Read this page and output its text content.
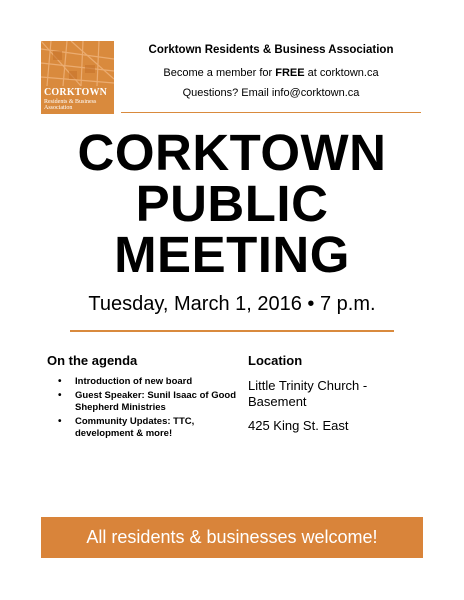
CORKTOWN
Residents & Business
Association
Corktown Residents & Business Association
Become a member for FREE at corktown.ca
Questions? Email info@corktown.ca
CORKTOWN
PUBLIC
MEETING
Tuesday, March 1, 2016 • 7 p.m.
On the agenda
• Introduction of new board
• Guest Speaker: Sunil Isaac of Good Shepherd Ministries
• Community Updates: TTC, development & more!
Location
Little Trinity Church -
Basement
425 King St. East
All residents & businesses welcome!
